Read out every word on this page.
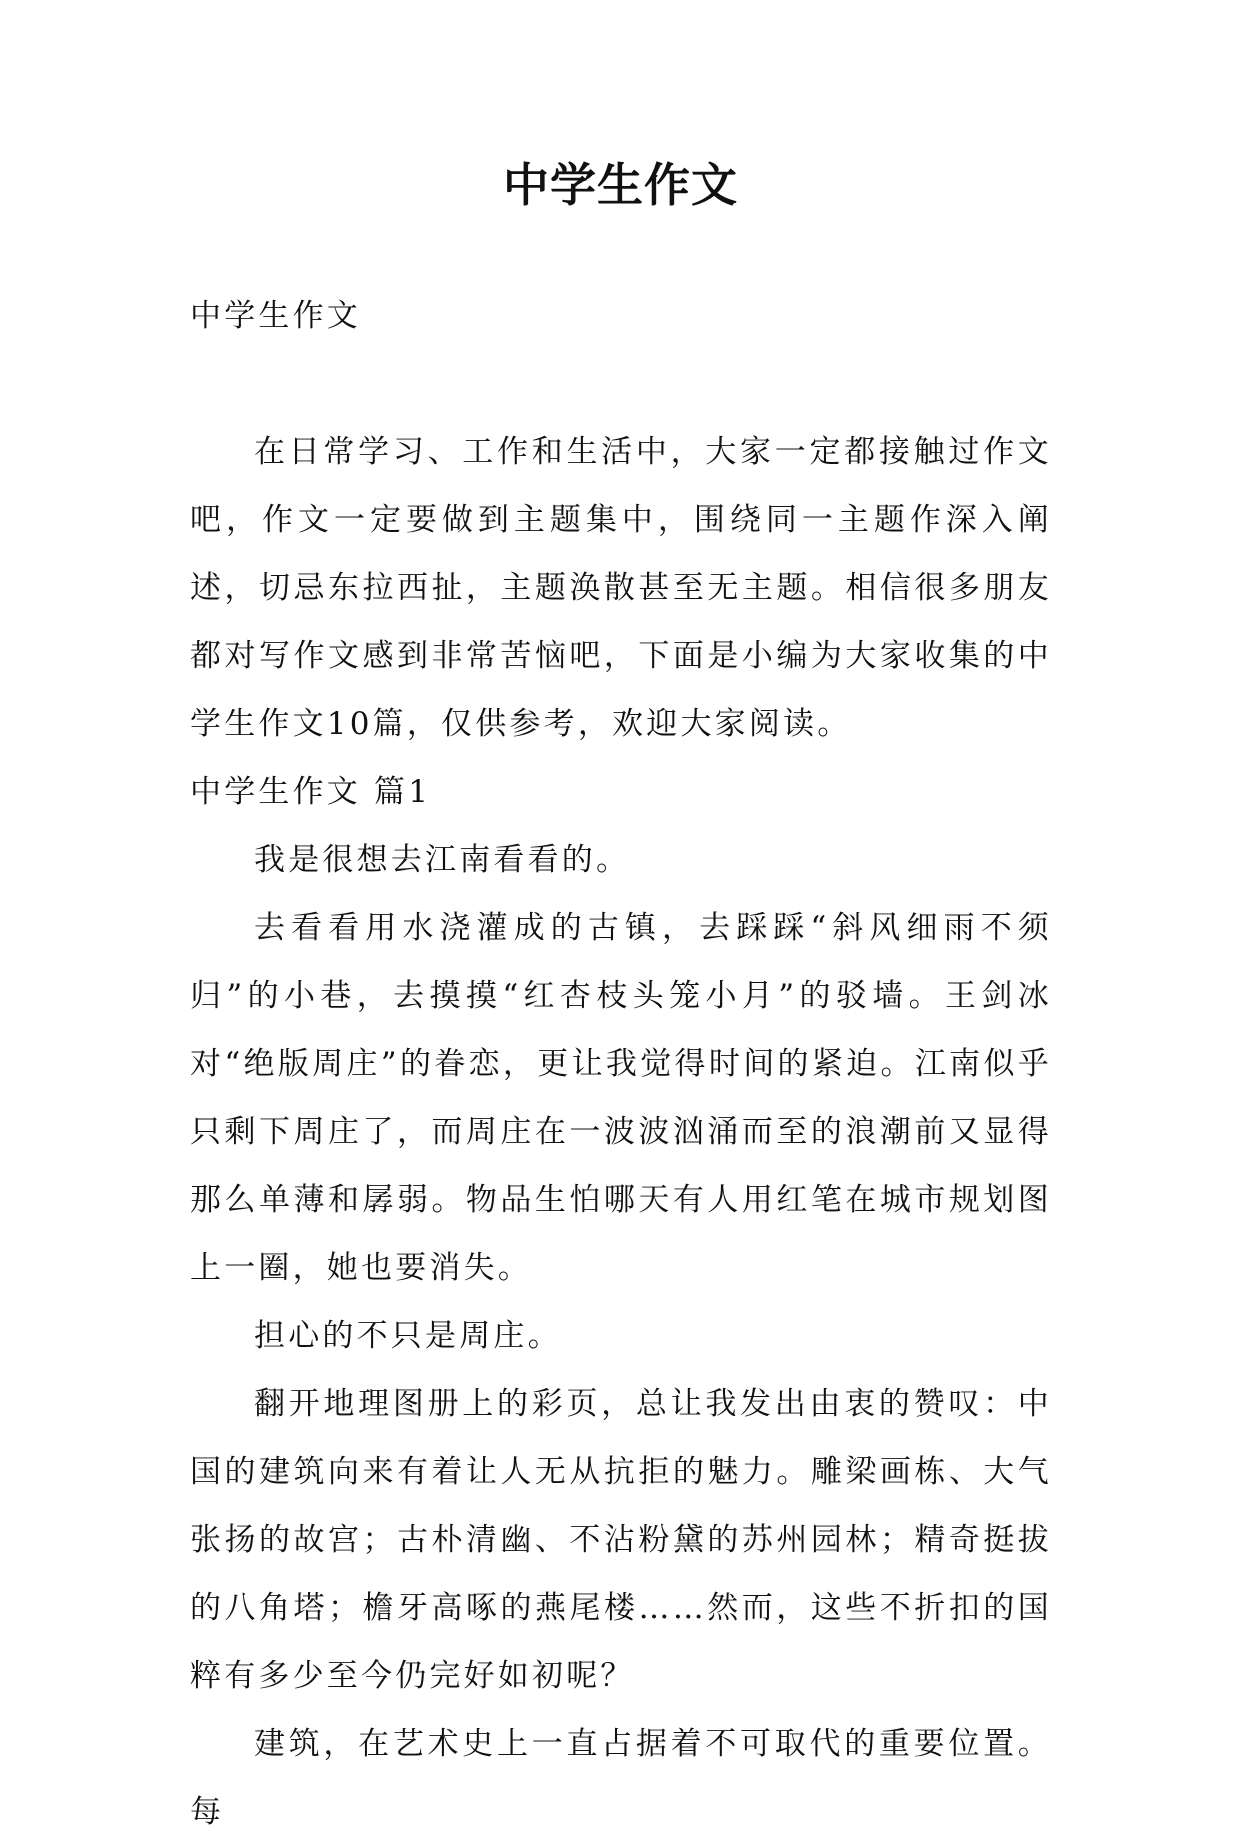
中学生作文

中学生作文

在日常学习、工作和生活中，大家一定都接触过作文吧，作文一定要做到主题集中，围绕同一主题作深入阐述，切忌东拉西扯，主题涣散甚至无主题。相信很多朋友都对写作文感到非常苦恼吧，下面是小编为大家收集的中学生作文10篇，仅供参考，欢迎大家阅读。

中学生作文 篇1

我是很想去江南看看的。

去看看用水浇灌成的古镇，去踩踩“斜风细雨不须归”的小巷，去摸摸“红杏枝头笼小月”的驳墙。王剑冰对“绝版周庄”的眷恋，更让我觉得时间的紧迫。江南似乎只剩下周庄了，而周庄在一波波汹涌而至的浪潮前又显得那么单薄和孱弱。物品生怕哪天有人用红笔在城市规划图上一圈，她也要消失。

担心的不只是周庄。

翻开地理图册上的彩页，总让我发出由衷的赞叹：中国的建筑向来有着让人无从抗拒的魅力。雕梁画栋、大气张扬的故宫；古朴清幽、不沾粉黛的苏州园林；精奇挺拔的八角塔；檐牙高啄的燕尾楼……然而，这些不折扣的国粹有多少至今仍完好如初呢？

建筑，在艺术史上一直占据着不可取代的重要位置。每
